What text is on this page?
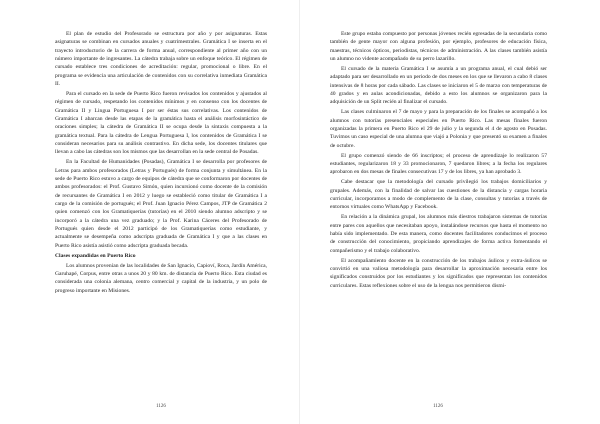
El plan de estudio del Profesorado se estructura por año y por asignaturas. Estas asignaturas se combinan en cursados anuales y cuatrimestrales. Gramática I se inserta en el trayecto introductorio de la carrera de forma anual, correspondiente al primer año con un número importante de ingresantes. La cátedra trabaja sobre un enfoque teórico. El régimen de cursado establece tres condiciones de acreditación: regular, promocional o libre. En el programa se evidencia una articulación de contenidos con su correlativa inmediata Gramática II.

Para el cursado en la sede de Puerto Rico fueron revisados los contenidos y ajustados al régimen de cursado, respetando los contenidos mínimos y en consenso con los docentes de Gramática II y Lingua Portuguesa I por ser éstas sus correlativas. Los contenidos de Gramática I abarcan desde las etapas de la gramática hasta el análisis morfosintáctico de oraciones simples; la cátedra de Gramática II se ocupa desde la sintaxis compuesta a la gramática textual. Para la cátedra de Lengua Portuguesa I, los contenidos de Gramática I se consideran necesarios para su análisis contrastivo. En dicha sede, los docentes titulares que llevan a cabo las cátedras son los mismos que las desarrollan en la sede central de Posadas.

En la Facultad de Humanidades (Posadas), Gramática I se desarrolla por profesores de Letras para ambos profesorados (Letras y Portugués) de forma conjunta y simultánea. En la sede de Puerto Rico estuvo a cargo de equipos de cátedra que se conformaron por docentes de ambos profesorados: el Prof. Gustavo Simón, quien incursionó como docente de la comisión de recursantes de Gramática I en 2012 y luego se estableció como titular de Gramática I a cargo de la comisión de portugués; el Prof. Juan Ignacio Pérez Campos, JTP de Gramática 2 quien comenzó con los Gramatiquerías (tutorías) en el 2010 siendo alumno adscripto y se incorporó a la cátedra una vez graduado; y la Prof. Karina Cáceres del Profesorado de Portugués quien desde el 2012 participó de los Gramatiquerías como estudiante, y actualmente se desempeña como adscripta graduada de Gramática I y que a las clases en Puerto Rico asistía asistió como adscripta graduada becada.

Clases expandidas en Puerto Rico

Los alumnos provenían de las localidades de San Ignacio, Capioví, Roca, Jardín América, Garuhapé, Corpus, entre otras a unos 20 y 80 km. de distancia de Puerto Rico. Esta ciudad es considerada una colonia alemana, centro comercial y capital de la industria, y un polo de progreso importante en Misiones.

1126

Este grupo estaba compuesto por personas jóvenes recién egresadas de la secundaria como también de gente mayor con alguna profesión, por ejemplo, profesores de educación física, maestras, técnicos ópticos, periodistas, técnicos de administración. A las clases también asistía un alumno no vidente acompañado de su perro lazarillo.

El cursado de la materia Gramática I se asumía a un programa anual, el cual debió ser adaptado para ser desarrollado en un periodo de dos meses en los que se llevaron a cabo 8 clases intensivas de 8 horas por cada sábado. Las clases se iniciaron el 5 de marzo con temperaturas de 40 grados y en aulas acondicionadas, debido a esto los alumnos se organizaron para la adquisición de un Split recién al finalizar el cursado.

Las clases culminaron el 7 de mayo y para la preparación de los finales se acompañó a los alumnos con tutorías presenciales especiales en Puerto Rico. Las mesas finales fueron organizadas la primera en Puerto Rico el 29 de julio y la segunda el 4 de agosto en Posadas. Tuvimos un caso especial de una alumna que viajó a Polonia y que presentó su examen a finales de octubre.

El grupo comenzó siendo de 66 inscriptos; el proceso de aprendizaje lo realizaron 57 estudiantes, regularizaron 18 y 33 promocionaron, 7 quedaron libres; a la fecha los regulares aprobaron en dos mesas de finales consecutivas 17 y de los libres, ya han aprobado 3.

Cabe destacar que la metodología del cursado privilegió los trabajos domiciliarios y grupales. Además, con la finalidad de salvar las cuestiones de la distancia y cargas horaria curricular, incorporamos a modo de complemento de la clase, consultas y tutorías a través de entornos virtuales como WhatsApp y Facebook.

En relación a la dinámica grupal, los alumnos más diestros trabajaron sistemas de tutorías entre pares con aquellos que necesitaban apoyo, instalándose recursos que hasta el momento no había sido implementado. De esta manera, como docentes facilitadores conducimos el proceso de construcción del conocimiento, propiciando aprendizajes de forma activa fomentando el compañerismo y el trabajo colaborativo.

El acompañamiento docente en la construcción de los trabajos áulicos y extra-áulicos se convirtió en una valiosa metodología para desarrollar la aproximación necesaria entre los significados construidos por los estudiantes y los significados que representan los contenidos curriculares. Estas reflexiones sobre el uso de la lengua nos permitieron dismi-

1126
